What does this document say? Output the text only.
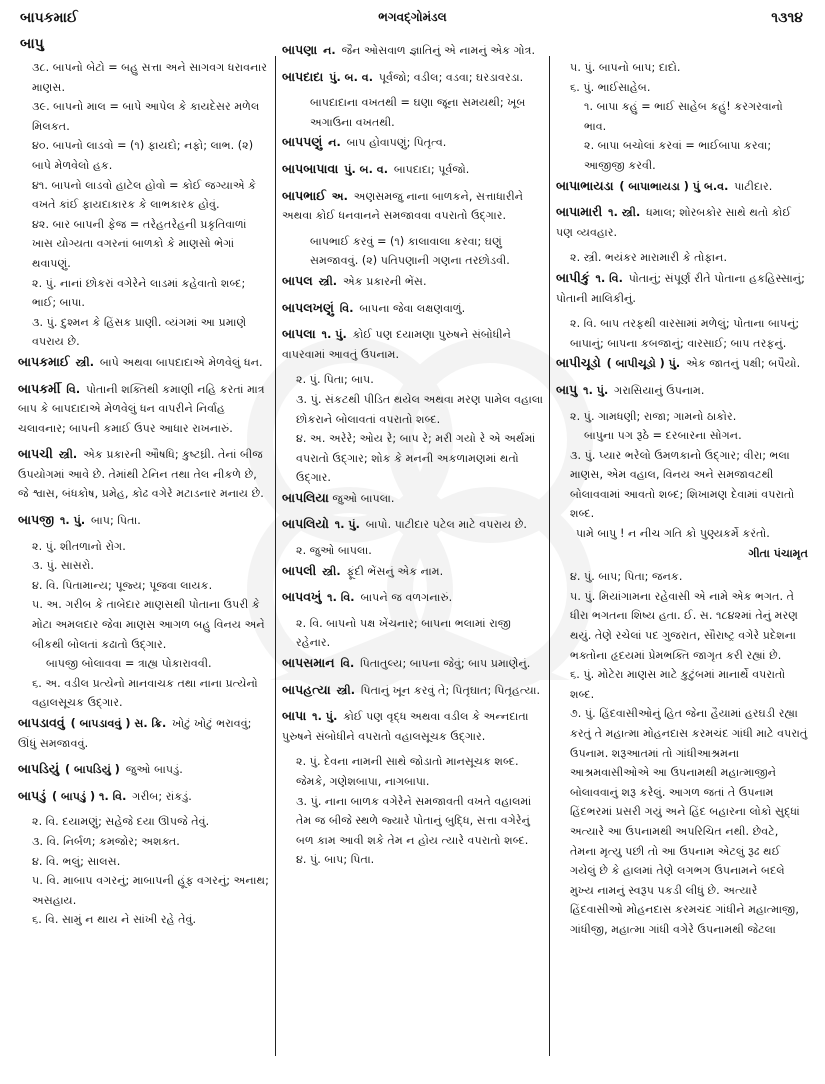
બાપકમાઈ	ભગવદ્ગોમંડલ	૧૩૧૪
બાપુ

૩૮. બાપનો બેટો = બહુ સત્તા અને સાગવગ ધરાવનાર માણસ.

૩૯. બાપનો માલ = બાપે આપેલ કે કાયદેસર મળેલ મિલકત.

૪૦. બાપનો લાડવો = (૧) ફાયદો; નફો; લાભ. (૨) બાપે મેળવેલો હક.

૪૧. બાપનો લાડવો હાટેલ હોવો = કોઈ જગ્યાએ કે વખતે કાંઈ ફાયદાકારક કે લાભકારક હોવું.

૪૨. બાર બાપની ફેજ = તરેહતરેહની પ્રકૃતિવાળાં ખાસ યોગ્યતા વગરનાં બાળકો કે માણસો ભેગાં થવાપણું.

૨. પું. નાનાં છોકરાં વગેરેને લાડમાં કહેવાતો શબ્દ; ભાઈ; બાપા.

૩. પું. દુશ્મન કે હિંસક પ્રાણી. વ્યંગમાં આ પ્રમાણે વપરાય છે.

બાપકમાઈ સ્ત્રી. બાપે અથવા બાપદાદાએ મેળવેલું ધન.

બાપકર્મી વિ. પોતાની શક્તિથી કમાણી નહિ કરતાં માત્ર બાપ કે બાપદાદાએ મેળવેલું ધન વાપરીને નિર્વાહ ચલાવનાર; બાપની કમાઈ ઉપર આધાર રાખનારું.

બાપચી સ્ત્રી. એક પ્રકારની ઔષધિ; કુષ્ટઘ્રી. તેનાં બીજ ઉપયોગમાં આવે છે. તેમાંથી ટેનિન તથા તેલ નીકળે છે, જે શ્વાસ, બંધકોષ, પ્રમેહ, કોઢ વગેરે મટાડનાર મનાય છે.

બાપજી ૧. પું. બાપ; પિતા.

૨. પું. શીતળાનો રોગ.

૩. પું. સાસરો.

૪. વિ. પિતામાન્ય; પૂજ્ય; પૂજવા લાયક.

૫. અ. ગરીબ કે તાબેદાર માણસથી પોતાના ઉપરી કે મોટા અમલદાર જેવા માણસ આગળ બહુ વિનય અને બીકથી બોલતાં કઢાતો ઉદ્ગાર.

બાપજી બોલાવવા = ત્રાહ્ય પોકારાવવી.

૬. અ. વડીલ પ્રત્યેનો માનવાચક તથા નાના પ્રત્યેનો વહાલસૂચક ઉદ્ગાર.

બાપડાવવું ( બાપડાવવું ) સ. ક્રિ. ખોટું ખોટું ભરાવવું; ઊંધું સમજાવવું.

બાપડિયું ( બાપડિયું ) જુઓ બાપડું.

બાપડું ( બાપડું ) ૧. વિ. ગરીબ; રાંકડું.

૨. વિ. દયામણું; સહેજે દયા ઊપજે તેવું.

૩. વિ. નિર્બળ; કમજોર; અશક્ત.

૪. વિ. ભલું; સાલસ.

૫. વિ. માબાપ વગરનું; માબાપની હૂંફ વગરનું; અનાથ; અસહાય.

૬. વિ. સામું ન થાય ને સાંખી રહે તેવું.

બાપણા ન. જૈન ઓસવાળ જ્ઞાતિનું એ નામનું એક ગોત્ર.

બાપદાદા પું. બ. વ. પૂર્વજો; વડીલ; વડવા; ઘરડાવરડા.

બાપદાદાના વખતથી = ઘણા જૂના સમયથી; ખૂબ અગાઉના વખતથી.

બાપપણું ન. બાપ હોવાપણું; પિતૃત્વ.

બાપબાપાવા પું. બ. વ. બાપદાદા; પૂર્વજો.

બાપભાઈ અ. અણસમજુ નાના બાળકને, સત્તાધારીને અથવા કોઈ ધનવાનને સમજાવવા વપરાતો ઉદ્ગાર.

બાપભાઈ કરવું = (૧) કાલાવાલા કરવા; ઘણું સમજાવવું. (૨) પતિપણાની ગણના તરછોડવી.

બાપલ સ્ત્રી. એક પ્રકારની ભેંસ.

બાપલખણું વિ. બાપના જેવા લક્ષણવાળું.

બાપલા ૧. પું. કોઈ પણ દયામણા પુરુષને સંબોધીને વાપરવામાં આવતું ઉપનામ.

૨. પું. પિતા; બાપ.

૩. પું. સંકટથી પીડિત થયેલ અથવા મરણ પામેલ વહાલા છોકરાને બોલાવતાં વપરાતો શબ્દ.

૪. અ. અરેરે; ઓય રે; બાપ રે; મરી ગયો રે એ અર્થમાં વપરાતો ઉદ્ગાર; શોક કે મનની અકળામણમાં થતો ઉદ્ગાર.

બાપલિયા જુઓ બાપલા.

બાપલિયો ૧. પું. બાપો. પાટીદાર પટેલ માટે વપરાય છે.

૨. જુઓ બાપલા.

બાપલી સ્ત્રી. ફૂંદી ભેંસનું એક નામ.

બાપવખું ૧. વિ. બાપને જ વળગનારું.

૨. વિ. બાપનો પક્ષ ખેંચનાર; બાપના ભલામાં રાજી રહેનાર.

બાપસમાન વિ. પિતાતુલ્ય; બાપના જેવું; બાપ પ્રમાણેનું.

બાપહત્યા સ્ત્રી. પિતાનું ખૂન કરવું તે; પિતૃઘાત; પિતૃહત્યા.

બાપા ૧. પું. કોઈ પણ વૃદ્ધ અથવા વડીલ કે અન્નદાતા પુરુષને સંબોધીને વપરાતો વહાલસૂચક ઉદ્ગાર.

૨. પું. દેવના નામની સાથે જોડાતો માનસૂચક શબ્દ. જેમકે, ગણેશબાપા, નાગબાપા.

૩. પું. નાના બાળક વગેરેને સમજાવતી વખતે વહાલમાં તેમ જ બીજે સ્થળે જ્યારે પોતાનું બુદ્ધિ, સત્તા વગેરેનું બળ કામ આવી શકે તેમ ન હોય ત્યારે વપરાતો શબ્દ.

૪. પું. બાપ; પિતા.

૫. પું. બાપનો બાપ; દાદો.

૬. પું. ભાઈસાહેબ.

૧. બાપા કહું = ભાઈ સાહેબ કહું! કરગરવાનો ભાવ.

૨. બાપા બચોલાં કરવાં = ભાઈબાપા કરવા; આજીજી કરવી.

બાપાભાયડા ( બાપાભાયડા ) પું બ.વ. પાટીદાર.

બાપામારી ૧. સ્ત્રી. ધમાલ; શોરબકોર સાથે થતો કોઈ પણ વ્યવહાર.

૨. સ્ત્રી. ભયંકર મારામારી કે તોફાન.

બાપીકું ૧. વિ. પોતાનું; સંપૂર્ણ રીતે પોતાના હકહિસ્સાનું; પોતાની માલિકીનું.

૨. વિ. બાપ તરફથી વારસામાં મળેલું; પોતાના બાપનું; બાપાનું; બાપના કબજાનું; વારસાઈ; બાપ તરફનું.

બાપીચૂડો ( બાપીચૂડો ) પું. એક જાતનું પક્ષી; બપૈયો.

બાપુ ૧. પું. ગરાસિયાનું ઉપનામ.

૨. પું. ગામધણી; રાજા; ગામનો ઠાકોર.

બાપુના પગ રૂઠે = દરબારના સોગન.

૩. પું. પ્યાર ભરેલો ઉમળકાનો ઉદ્ગાર; વીરા; ભલા માણસ, એમ વહાલ, વિનય અને સમજાવટથી બોલાવવામાં આવતો શબ્દ; શિખામણ દેવામાં વપરાતો શબ્દ.

પામે બાપુ ! ન નીચ ગતિ કો પુણ્યકર્મે કરંતો.

ગીતા પંચામૃત

૪. પું. બાપ; પિતા; જનક.

૫. પું. મિયાંગામના રહેવાસી એ નામે એક ભગત. તે ધીરા ભગતના શિષ્ય હતા. ઈ. સ. ૧૮૪૨માં તેનું મરણ થયું. તેણે રચેલાં પદ ગુજરાત, સૌરાષ્ટ્ર વગેરે પ્રદેશના ભક્તોના હૃદયમાં પ્રેમભક્તિ જાગૃત કરી રહ્યાં છે.

૬. પું. મોટેરા માણસ માટે કુટુંબમાં માનાર્થે વપરાતો શબ્દ.

૭. પું. હિંદવાસીઓનું હિત જેના હૈયામાં હરઘડી રહ્યા કરતું તે મહાત્મા મોહનદાસ કરમચંદ ગાંધી માટે વપરાતું ઉપનામ. શરૂઆતમાં તો ગાંધીઆશ્રમના આશ્રમવાસીઓએ આ ઉપનામથી મહાત્માજીને બોલાવવાનું શરૂ કરેલું. આગળ જતાં તે ઉપનામ હિંદભરમાં પ્રસરી ગયું અને હિંદ બહારના લોકો સુદ્ધાં અત્યારે આ ઉપનામથી અપરિચિત નથી. છેવટે, તેમના મૃત્યુ પછી તો આ ઉપનામ એટલું રૂઢ થઈ ગયેલું છે કે હાલમાં તેણે લગભગ ઉપનામને બદલે મુખ્ય નામનું સ્વરૂપ પકડી લીધું છે. અત્યારે હિંદવાસીઓ મોહનદાસ કરમચંદ ગાંધીને મહાત્માજી, ગાંધીજી, મહાત્મા ગાંધી વગેરે ઉપનામથી જેટલા
